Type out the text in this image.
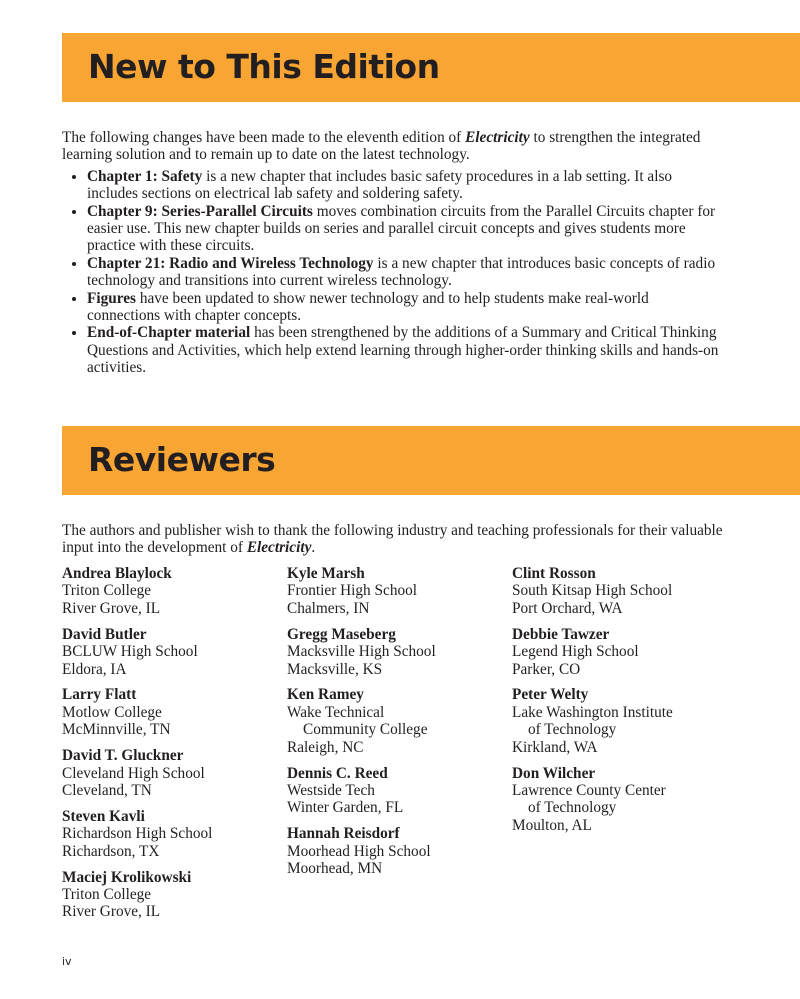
New to This Edition

The following changes have been made to the eleventh edition of Electricity to strengthen the integrated learning solution and to remain up to date on the latest technology.

• Chapter 1: Safety is a new chapter that includes basic safety procedures in a lab setting. It also includes sections on electrical lab safety and soldering safety.
• Chapter 9: Series-Parallel Circuits moves combination circuits from the Parallel Circuits chapter for easier use. This new chapter builds on series and parallel circuit concepts and gives students more practice with these circuits.
• Chapter 21: Radio and Wireless Technology is a new chapter that introduces basic concepts of radio technology and transitions into current wireless technology.
• Figures have been updated to show newer technology and to help students make real-world connections with chapter concepts.
• End-of-Chapter material has been strengthened by the additions of a Summary and Critical Thinking Questions and Activities, which help extend learning through higher-order thinking skills and hands-on activities.
Reviewers

The authors and publisher wish to thank the following industry and teaching professionals for their valuable input into the development of Electricity.

Andrea Blaylock
Triton College
River Grove, IL
David Butler
BCLUW High School
Eldora, IA
Larry Flatt
Motlow College
McMinnville, TN
David T. Gluckner
Cleveland High School
Cleveland, TN
Steven Kavli
Richardson High School
Richardson, TX
Maciej Krolikowski
Triton College
River Grove, IL
Kyle Marsh
Frontier High School
Chalmers, IN
Gregg Maseberg
Macksville High School
Macksville, KS
Ken Ramey
Wake Technical
Community College
Raleigh, NC
Dennis C. Reed
Westside Tech
Winter Garden, FL
Hannah Reisdorf
Moorhead High School
Moorhead, MN
Clint Rosson
South Kitsap High School
Port Orchard, WA
Debbie Tawzer
Legend High School
Parker, CO
Peter Welty
Lake Washington Institute
of Technology
Kirkland, WA
Don Wilcher
Lawrence County Center
of Technology
Moulton, AL
iv
